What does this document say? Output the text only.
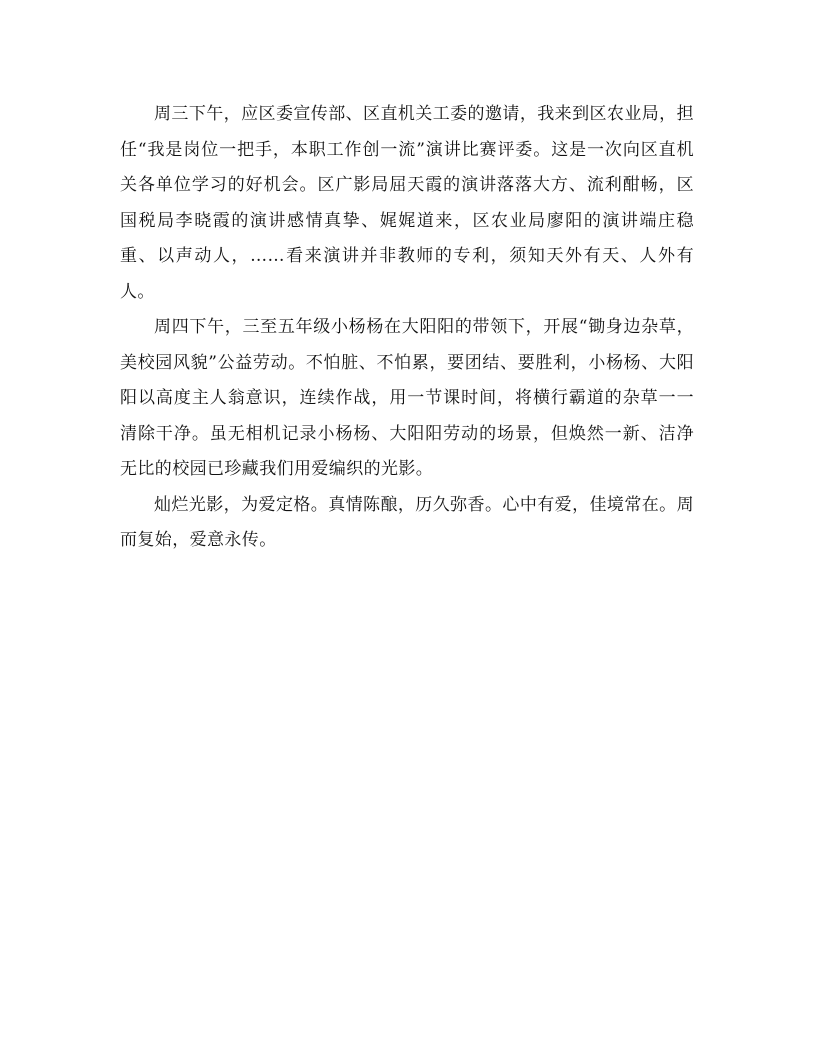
周三下午，应区委宣传部、区直机关工委的邀请，我来到区农业局，担任“我是岗位一把手，本职工作创一流”演讲比赛评委。这是一次向区直机关各单位学习的好机会。区广影局屈天霞的演讲落落大方、流利酣畅，区国税局李晓霞的演讲感情真挚、娓娓道来，区农业局廖阳的演讲端庄稳重、以声动人，……看来演讲并非教师的专利，须知天外有天、人外有人。

周四下午，三至五年级小杨杨在大阳阳的带领下，开展“锄身边杂草，美校园风貌”公益劳动。不怕脏、不怕累，要团结、要胜利，小杨杨、大阳阳以高度主人翁意识，连续作战，用一节课时间，将横行霸道的杂草一一清除干净。虽无相机记录小杨杨、大阳阳劳动的场景，但焕然一新、洁净无比的校园已珍藏我们用爱编织的光影。

灿烂光影，为爱定格。真情陈酿，历久弥香。心中有爱，佳境常在。周而复始，爱意永传。
